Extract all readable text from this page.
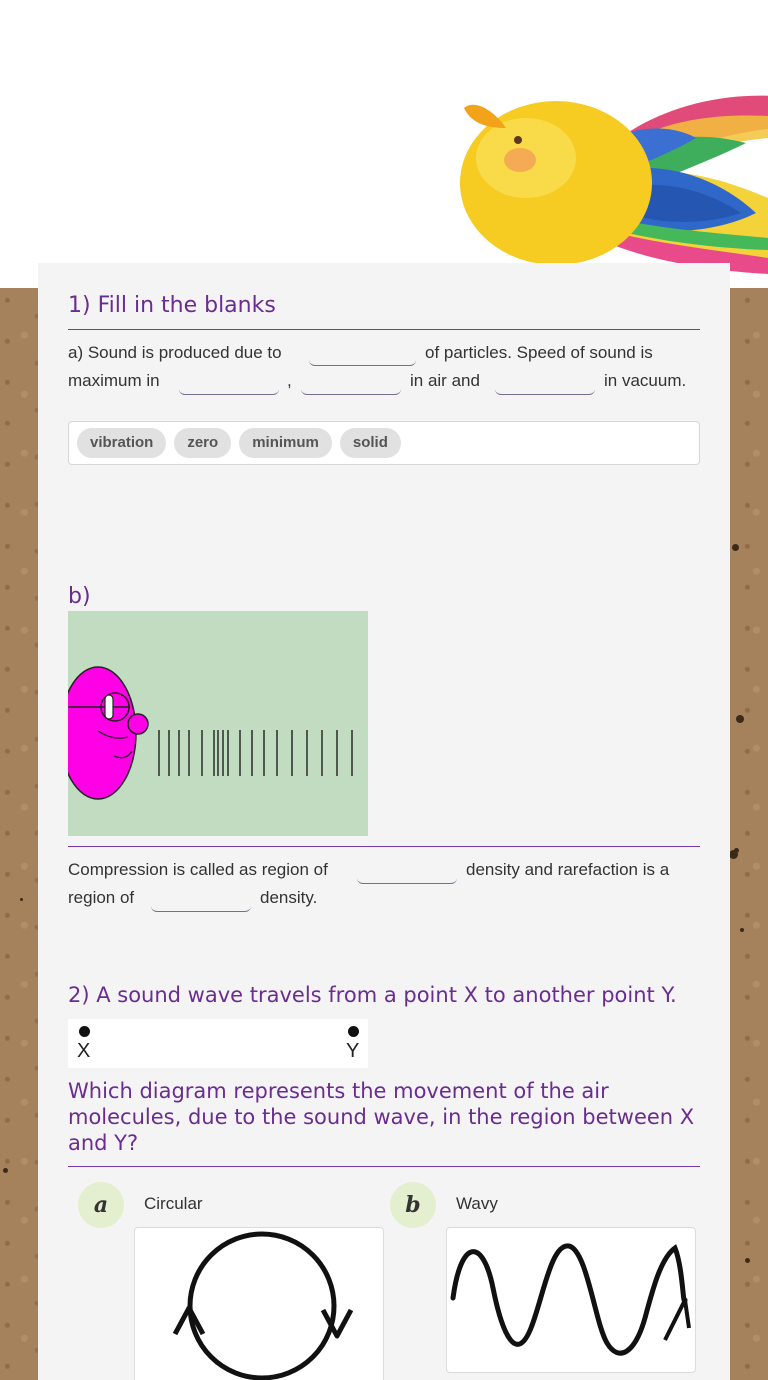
1) Fill in the blanks
a) Sound is produced due to	of particles. Speed of sound is
maximum in	,	in air and	in vacuum.
vibration	zero	minimum	solid
b)
Compression is called as region of	density and rarefaction is a
region of	density.
2) A sound wave travels from a point X to another point Y.
X	Y
Which diagram represents the movement of the air molecules, due to the sound wave, in the region between X and Y?
a	Circular	b	Wavy
